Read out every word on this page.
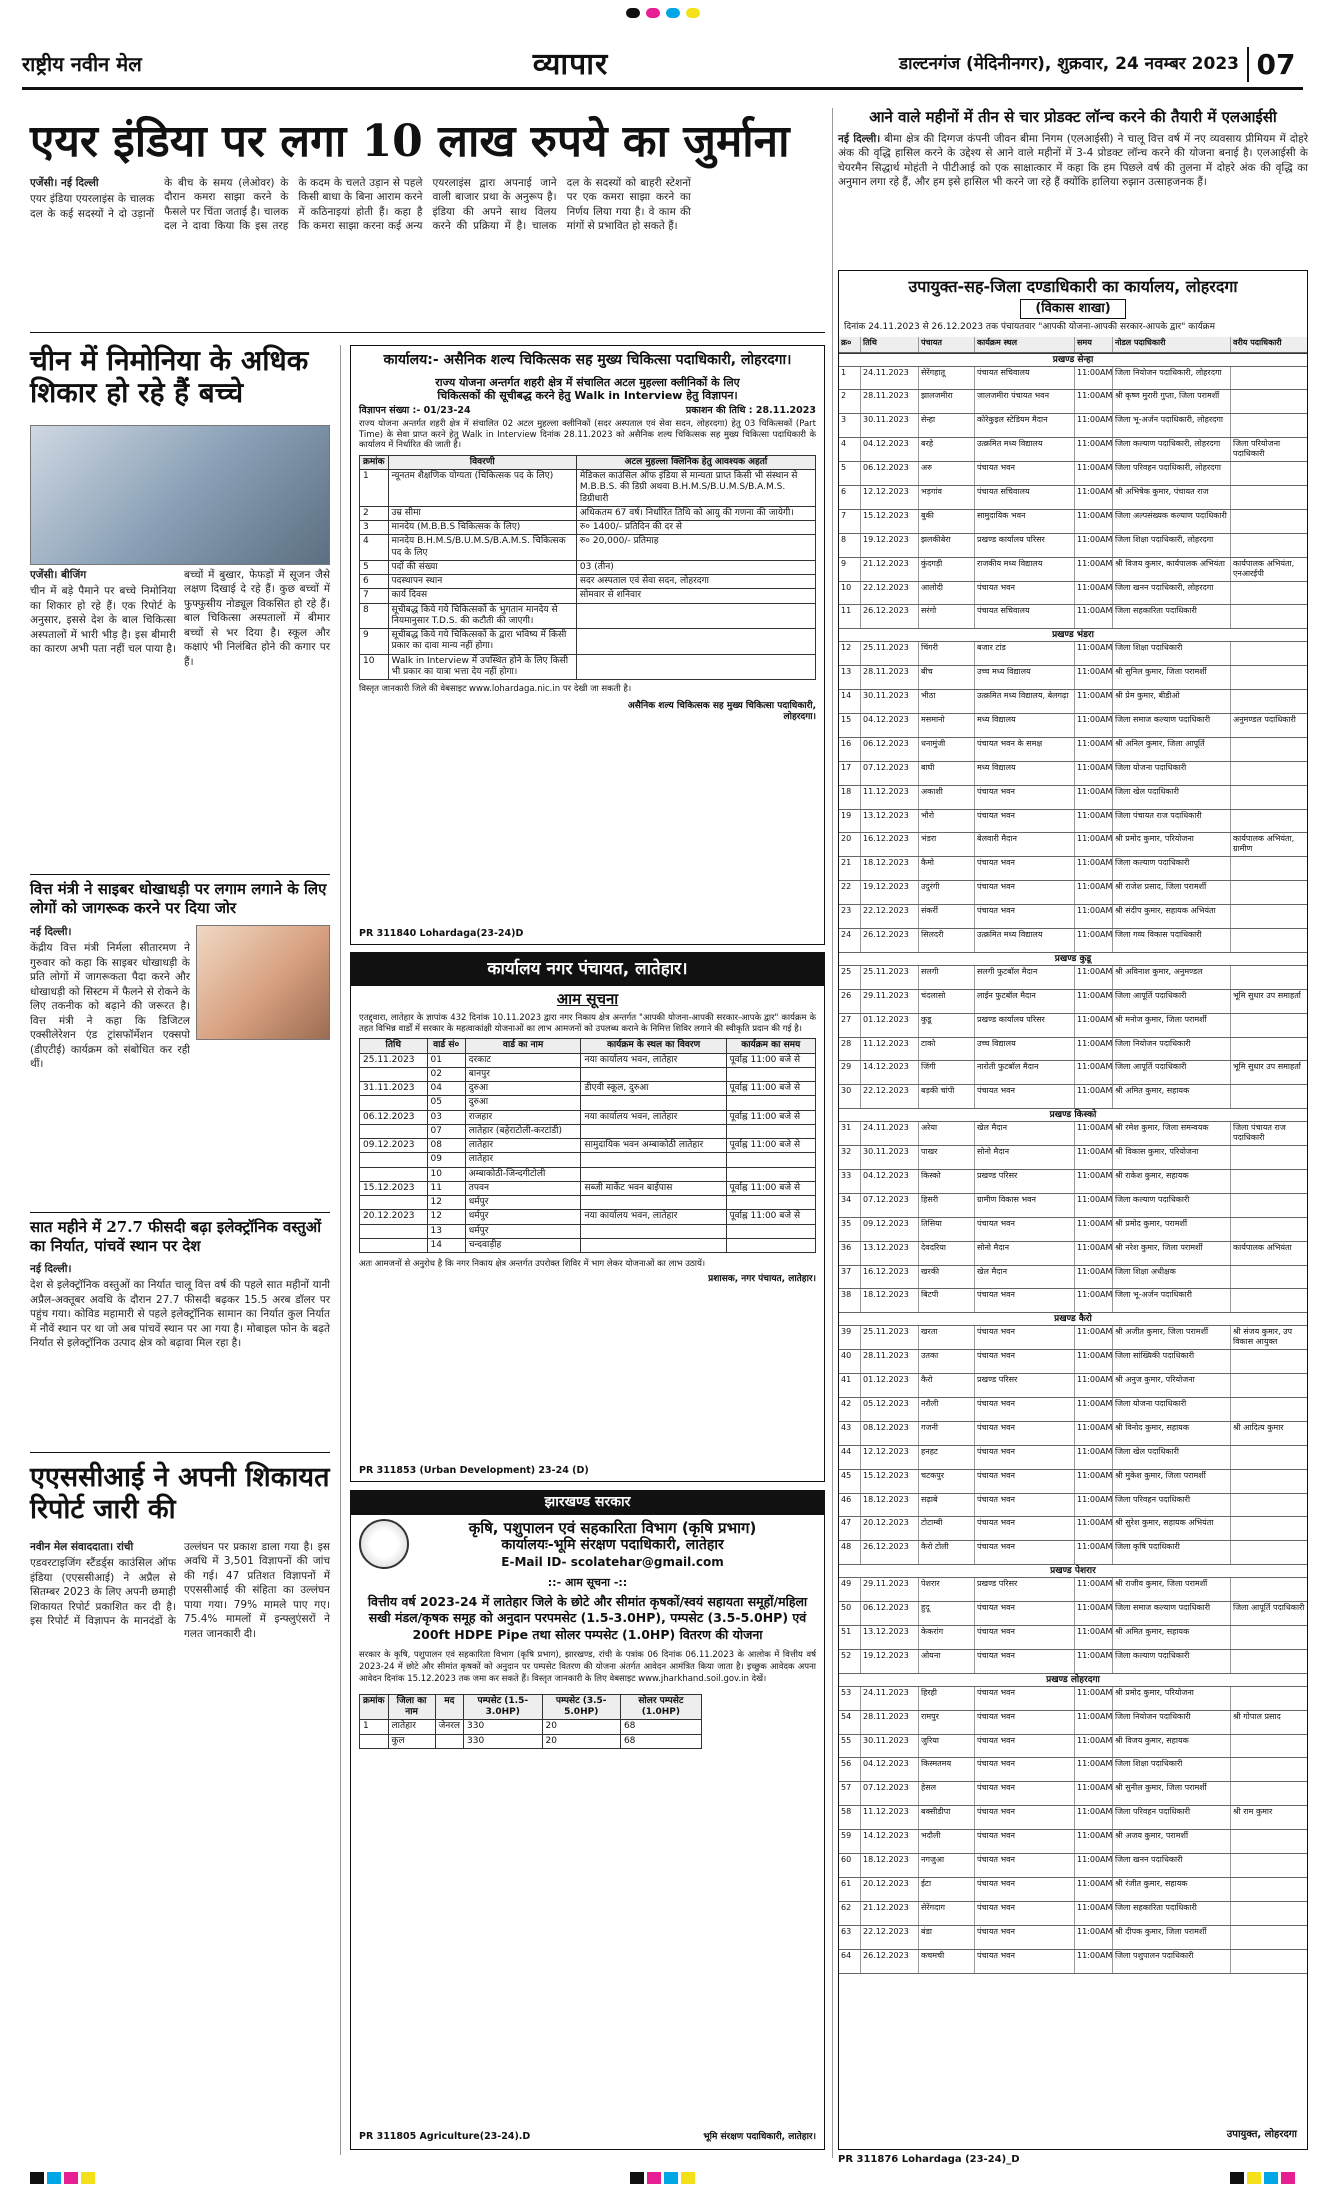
राष्ट्रीय नवीन मेल	व्यापार	डाल्टनगंज (मेदिनीनगर), शुक्रवार, 24 नवम्बर 2023 07
एयर इंडिया पर लगा 10 लाख रुपये का जुर्माना
एजेंसी। नई दिल्ली
एयर इंडिया एयरलाइंस के चालक दल के कई सदस्यों ने दो उड़ानों के बीच के समय (लेओवर) के दौरान कमरा साझा करने के फैसले पर चिंता जताई है। चालक दल ने दावा किया कि इस तरह के कदम के चलते उड़ान से पहले किसी बाधा के बिना आराम करने में कठिनाइयां होती हैं। कहा है कि कमरा साझा करना कई अन्य एयरलाइंस द्वारा अपनाई जाने वाली बाजार प्रथा के अनुरूप है। इंडिया की अपने साथ विलय करने की प्रक्रिया में है। चालक दल के सदस्यों को बाहरी स्टेशनों पर एक कमरा साझा करने का निर्णय लिया गया है। वे काम की मांगों से प्रभावित हो सकते हैं।
चीन में निमोनिया के अधिक शिकार हो रहे हैं बच्चे
एजेंसी। बीजिंग
चीन में बड़े पैमाने पर बच्चे निमोनिया का शिकार हो रहे हैं। एक रिपोर्ट के अनुसार, इससे देश के बाल चिकित्सा अस्पतालों में भारी भीड़ है। इस बीमारी का कारण अभी पता नहीं चल पाया है। बच्चों में बुखार, फेफड़ों में सूजन जैसे लक्षण दिखाई दे रहे हैं। कुछ बच्चों में फुफ्फुसीय नोड्यूल विकसित हो रहे हैं। बाल चिकित्सा अस्पतालों में बीमार बच्चों से भर दिया है। स्कूल और कक्षाएं भी निलंबित होने की कगार पर हैं।
वित्त मंत्री ने साइबर धोखाधड़ी पर लगाम लगाने के लिए लोगों को जागरूक करने पर दिया जोर
नई दिल्ली।
केंद्रीय वित्त मंत्री निर्मला सीतारमण ने गुरुवार को कहा कि साइबर धोखाधड़ी के प्रति लोगों में जागरूकता पैदा करने और धोखाधड़ी को सिस्टम में फैलने से रोकने के लिए तकनीक को बढ़ाने की जरूरत है। वित्त मंत्री ने कहा कि डिजिटल एक्सीलेरेशन एंड ट्रांसफॉर्मेशन एक्सपो (डीएटीई) कार्यक्रम को संबोधित कर रही थीं।
सात महीने में 27.7 फीसदी बढ़ा इलेक्ट्रॉनिक वस्तुओं का निर्यात, पांचवें स्थान पर देश
नई दिल्ली।
देश से इलेक्ट्रॉनिक वस्तुओं का निर्यात चालू वित्त वर्ष की पहले सात महीनों यानी अप्रैल-अक्तूबर अवधि के दौरान 27.7 फीसदी बढ़कर 15.5 अरब डॉलर पर पहुंच गया। कोविड महामारी से पहले इलेक्ट्रॉनिक सामान का निर्यात कुल निर्यात में नौवें स्थान पर था जो अब पांचवें स्थान पर आ गया है। मोबाइल फोन के बढ़ते निर्यात से इलेक्ट्रॉनिक उत्पाद क्षेत्र को बढ़ावा मिल रहा है।
एएससीआई ने अपनी शिकायत रिपोर्ट जारी की
नवीन मेल संवाददाता। रांची
एडवरटाइजिंग स्टैंडर्ड्स काउंसिल ऑफ इंडिया (एएससीआई) ने अप्रैल से सितम्बर 2023 के लिए अपनी छमाही शिकायत रिपोर्ट प्रकाशित कर दी है। इस रिपोर्ट में विज्ञापन के मानदंडों के उल्लंघन पर प्रकाश डाला गया है। इस अवधि में 3,501 विज्ञापनों की जांच की गई। 47 प्रतिशत विज्ञापनों में एएससीआई की संहिता का उल्लंघन पाया गया। 79% मामले पाए गए। 75.4% मामलों में इन्फ्लुएंसरों ने गलत जानकारी दी।
कार्यालय:- असैनिक शल्य चिकित्सक सह मुख्य चिकित्सा पदाधिकारी, लोहरदगा।
राज्य योजना अन्तर्गत शहरी क्षेत्र में संचालित अटल मुहल्ला क्लीनिकों के लिए
चिकित्सकों की सूचीबद्ध करने हेतु Walk in Interview हेतु विज्ञापन।
विज्ञापन संख्या :- 01/23-24	प्रकाशन की तिथि : 28.11.2023
राज्य योजना अन्तर्गत शहरी क्षेत्र में संचालित 02 अटल मुहल्ला क्लीनिकों (सदर अस्पताल एवं सेवा सदन, लोहरदगा) हेतु 03 चिकित्सकों (Part Time) के सेवा प्राप्त करने हेतु Walk in Interview दिनांक 28.11.2023 को असैनिक शल्य चिकित्सक सह मुख्य चिकित्सा पदाधिकारी के कार्यालय में निर्धारित की जाती है।
क्रमांक	विवरणी	अटल मुहल्ला क्लिनिक हेतु आवश्यक अहर्ता
1	न्यूनतम शैक्षणिक योग्यता (चिकित्सक पद के लिए)	मेडिकल काउंसिल ऑफ इंडिया से मान्यता प्राप्त किसी भी संस्थान से M.B.B.S. की डिग्री अथवा B.H.M.S/B.U.M.S/B.A.M.S. डिग्रीधारी
2	उम्र सीमा	अधिकतम 67 वर्ष। निर्धारित तिथि को आयु की गणना की जायेगी।
3	मानदेय (M.B.B.S चिकित्सक के लिए)	रु० 1400/- प्रतिदिन की दर से
4	मानदेय B.H.M.S/B.U.M.S/B.A.M.S. चिकित्सक पद के लिए	रु० 20,000/- प्रतिमाह
5	पदों की संख्या	03 (तीन)
6	पदस्थापन स्थान	सदर अस्पताल एवं सेवा सदन, लोहरदगा
7	कार्य दिवस	सोमवार से शनिवार
8	सूचीबद्ध किये गये चिकित्सकों के भुगतान मानदेय से नियमानुसार T.D.S. की कटौती की जाएगी।	
9	सूचीबद्ध किये गये चिकित्सकों के द्वारा भविष्य में किसी प्रकार का दावा मान्य नहीं होगा।	
10	Walk in Interview में उपस्थित होने के लिए किसी भी प्रकार का यात्रा भत्ता देय नहीं होगा।	
विस्तृत जानकारी जिले की वेबसाइट www.lohardaga.nic.in पर देखी जा सकती है।
असैनिक शल्य चिकित्सक सह मुख्य चिकित्सा पदाधिकारी, लोहरदगा।
PR 311840 Lohardaga(23-24)D
कार्यालय नगर पंचायत, लातेहार।
आम सूचना
एतद्द्वारा, लातेहार के ज्ञापांक 432 दिनांक 10.11.2023 द्वारा नगर निकाय क्षेत्र अन्तर्गत "आपकी योजना-आपकी सरकार-आपके द्वार" कार्यक्रम के तहत विभिन्न वार्डों में सरकार के महत्वाकांक्षी योजनाओं का लाभ आमजनों को उपलब्ध कराने के निमित्त शिविर लगाने की स्वीकृति प्रदान की गई है।
तिथि	वार्ड सं०	वार्ड का नाम	कार्यक्रम के स्थल का विवरण	कार्यक्रम का समय
25.11.2023	01	दरकाट	नया कार्यालय भवन, लातेहार	पूर्वाह्न 11:00 बजे से
	02	बानपुर		
31.11.2023	04	दुरुआ	डीएवी स्कूल, दुरुआ	पूर्वाह्न 11:00 बजे से
	05	दुरुआ		
06.12.2023	03	राजहार	नया कार्यालय भवन, लातेहार	पूर्वाह्न 11:00 बजे से
	07	लातेहार (बहेराटोली-करटांडी)		
09.12.2023	08	लातेहार	सामुदायिक भवन अम्बाकोठी लातेहार	पूर्वाह्न 11:00 बजे से
	09	लातेहार		
	10	अम्बाकोठी-जिन्दगीटोली		
15.12.2023	11	तपवन	सब्जी मार्केट भवन बाईपास	पूर्वाह्न 11:00 बजे से
	12	धर्मपुर		
20.12.2023	12	धर्मपुर	नया कार्यालय भवन, लातेहार	पूर्वाह्न 11:00 बजे से
	13	धर्मपुर		
	14	चन्दवाड़ीह		
अतः आमजनों से अनुरोध है कि नगर निकाय क्षेत्र अन्तर्गत उपरोक्त शिविर में भाग लेकर योजनाओं का लाभ उठायें।
प्रशासक, नगर पंचायत, लातेहार।
PR 311853 (Urban Development) 23-24 (D)
झारखण्ड सरकार
कृषि, पशुपालन एवं सहकारिता विभाग (कृषि प्रभाग)
कार्यालयः-भूमि संरक्षण पदाधिकारी, लातेहार
E-Mail ID- scolatehar@gmail.com
::- आम सूचना -::
वित्तीय वर्ष 2023-24 में लातेहार जिले के छोटे और सीमांत कृषकों/स्वयं सहायता समूहों/महिला सखी मंडल/कृषक समूह को अनुदान परपमसेट (1.5-3.0HP), पम्पसेट (3.5-5.0HP) एवं 200ft HDPE Pipe तथा सोलर पम्पसेट (1.0HP) वितरण की योजना
सरकार के कृषि, पशुपालन एवं सहकारिता विभाग (कृषि प्रभाग), झारखण्ड, रांची के पत्रांक 06 दिनांक 06.11.2023 के आलोक में वित्तीय वर्ष 2023-24 में छोटे और सीमांत कृषकों को अनुदान पर पम्पसेट वितरण की योजना अंतर्गत आवेदन आमंत्रित किया जाता है। इच्छुक आवेदक अपना आवेदन दिनांक 15.12.2023 तक जमा कर सकते हैं। विस्तृत जानकारी के लिए वेबसाइट www.jharkhand.soil.gov.in देखें।
क्रमांक	जिला का नाम	मद	पम्पसेट (1.5-3.0HP)	पम्पसेट (3.5-5.0HP)	सोलर पम्पसेट (1.0HP)
1	लातेहार	जेनरल	330	20	68
	कुल		330	20	68
भूमि संरक्षण पदाधिकारी, लातेहार।
PR 311805 Agriculture(23-24).D
आने वाले महीनों में तीन से चार प्रोडक्ट लॉन्च करने की तैयारी में एलआईसी
नई दिल्ली। बीमा क्षेत्र की दिग्गज कंपनी जीवन बीमा निगम (एलआईसी) ने चालू वित्त वर्ष में नए व्यवसाय प्रीमियम में दोहरे अंक की वृद्धि हासिल करने के उद्देश्य से आने वाले महीनों में 3-4 प्रोडक्ट लॉन्च करने की योजना बनाई है। एलआईसी के चेयरमैन सिद्धार्थ मोहंती ने पीटीआई को एक साक्षात्कार में कहा कि हम पिछले वर्ष की तुलना में दोहरे अंक की वृद्धि का अनुमान लगा रहे हैं, और हम इसे हासिल भी करने जा रहे हैं क्योंकि हालिया रुझान उत्साहजनक हैं।
उपायुक्त-सह-जिला दण्डाधिकारी का कार्यालय, लोहरदगा
(विकास शाखा)
दिनांक 24.11.2023 से 26.12.2023 तक पंचायतवार "आपकी योजना-आपकी सरकार-आपके द्वार" कार्यक्रम
क्र०	तिथि	पंचायत	कार्यक्रम स्थल	समय	नोडल पदाधिकारी	वरीय पदाधिकारी
प्रखण्ड सेन्हा
1	24.11.2023	सेरेंगहातू	पंचायत सचिवालय	11:00AM जिला नियोजन पदाधिकारी, लोहरदगा
2	28.11.2023	झालजमीरा	जालजमीरा पंचायत भवन	11:00AM श्री कृष्ण मुरारी गुप्ता, जिला परामर्शी
3	30.11.2023	सेन्हा	कोरेकुइल स्टेडियम मैदान	11:00AM जिला भू-अर्जन पदाधिकारी, लोहरदगा
4	04.12.2023	बरहे	उत्क्रमित मध्य विद्यालय	11:00AM जिला कल्याण पदाधिकारी, लोहरदगा	जिला परियोजना पदाधिकारी
5	06.12.2023	अरु	पंचायत भवन	11:00AM जिला परिवहन पदाधिकारी, लोहरदगा
6	12.12.2023	भड़गांव	पंचायत सचिवालय	11:00AM श्री अभिषेक कुमार, पंचायत राज
7	15.12.2023	बुकी	सामुदायिक भवन	11:00AM जिला अल्पसंख्यक कल्याण पदाधिकारी
8	19.12.2023	झलकीबेरा	प्रखण्ड कार्यालय परिसर	11:00AM जिला शिक्षा पदाधिकारी, लोहरदगा
9	21.12.2023	कुंदगड़ी	राजकीय मध्य विद्यालय	11:00AM श्री विजय कुमार, कार्यपालक अभियंता	कार्यपालक अभियंता, एनआरईपी
10	22.12.2023	आलोदी	पंचायत भवन	11:00AM जिला खनन पदाधिकारी, लोहरदगा
11	26.12.2023	सरंगो	पंचायत सचिवालय	11:00AM जिला सहकारिता पदाधिकारी
प्रखण्ड भंडरा
12	25.11.2023	चिंगरी	बजार टांड	11:00AM जिला शिक्षा पदाधिकारी
13	28.11.2023	बीच	उच्च मध्य विद्यालय	11:00AM श्री सुनिल कुमार, जिला परामर्शी
14	30.11.2023	भीठा	उत्क्रमित मध्य विद्यालय, बेलगढ़ा	11:00AM श्री प्रेम कुमार, बीडीओ
15	04.12.2023	मसमानो	मध्य विद्यालय	11:00AM जिला समाज कल्याण पदाधिकारी	अनुमण्डल पदाधिकारी
16	06.12.2023	धनामुंजी	पंचायत भवन के समक्ष	11:00AM श्री अनिल कुमार, जिला आपूर्ति
17	07.12.2023	बाघी	मध्य विद्यालय	11:00AM जिला योजना पदाधिकारी
18	11.12.2023	अकाशी	पंचायत भवन	11:00AM जिला खेल पदाधिकारी
19	13.12.2023	भौरो	पंचायत भवन	11:00AM जिला पंचायत राज पदाधिकारी
20	16.12.2023	भंडरा	बेलवारी मैदान	11:00AM श्री प्रमोद कुमार, परियोजना	कार्यपालक अभियंता, ग्रामीण
21	18.12.2023	कैमो	पंचायत भवन	11:00AM जिला कल्याण पदाधिकारी
22	19.12.2023	उदुरंगी	पंचायत भवन	11:00AM श्री राजेश प्रसाद, जिला परामर्शी
23	22.12.2023	संकर्री	पंचायत भवन	11:00AM श्री संदीप कुमार, सहायक अभियंता
24	26.12.2023	सिलदरी	उत्क्रमित मध्य विद्यालय	11:00AM जिला गव्य विकास पदाधिकारी
प्रखण्ड कुडू
25	25.11.2023	सलगी	सलगी फुटबॉल मैदान	11:00AM श्री अविनाश कुमार, अनुमण्डल
26	29.11.2023	चंदलासो	लाईन फुटबॉल मैदान	11:00AM जिला आपूर्ति पदाधिकारी	भूमि सुधार उप समाहर्ता
27	01.12.2023	कुडू	प्रखण्ड कार्यालय परिसर	11:00AM श्री मनोज कुमार, जिला परामर्शी
28	11.12.2023	टाको	उच्च विद्यालय	11:00AM जिला नियोजन पदाधिकारी
29	14.12.2023	जिंगी	नारोती फुटबॉल मैदान	11:00AM जिला आपूर्ति पदाधिकारी	भूमि सुधार उप समाहर्ता
30	22.12.2023	बड़की चांपी	पंचायत भवन	11:00AM श्री अमित कुमार, सहायक
प्रखण्ड किस्को
31	24.11.2023	अरेया	खेल मैदान	11:00AM श्री रमेश कुमार, जिला समन्वयक	जिला पंचायत राज पदाधिकारी
32	30.11.2023	पाखर	सोनो मैदान	11:00AM श्री विकास कुमार, परियोजना
33	04.12.2023	किस्को	प्रखण्ड परिसर	11:00AM श्री राकेश कुमार, सहायक
34	07.12.2023	हिसरी	ग्रामीण विकास भवन	11:00AM जिला कल्याण पदाधिकारी
35	09.12.2023	तिसिया	पंचायत भवन	11:00AM श्री प्रमोद कुमार, परामर्शी
36	13.12.2023	देवदरिया	सोनो मैदान	11:00AM श्री नरेश कुमार, जिला परामर्शी	कार्यपालक अभियंता
37	16.12.2023	खरकी	खेल मैदान	11:00AM जिला शिक्षा अधीक्षक
38	18.12.2023	बिटपी	पंचायत भवन	11:00AM जिला भू-अर्जन पदाधिकारी
प्रखण्ड कैरो
39	25.11.2023	खरता	पंचायत भवन	11:00AM श्री अजीत कुमार, जिला परामर्शी	श्री संजय कुमार, उप विकास आयुक्त
40	28.11.2023	उतका	पंचायत भवन	11:00AM जिला सांख्यिकी पदाधिकारी
41	01.12.2023	कैरो	प्रखण्ड परिसर	11:00AM श्री अनुज कुमार, परियोजना
42	05.12.2023	नरौली	पंचायत भवन	11:00AM जिला योजना पदाधिकारी
43	08.12.2023	गजनी	पंचायत भवन	11:00AM श्री विनोद कुमार, सहायक	श्री आदित्य कुमार
44	12.12.2023	हनहट	पंचायत भवन	11:00AM जिला खेल पदाधिकारी
45	15.12.2023	चटकपुर	पंचायत भवन	11:00AM श्री मुकेश कुमार, जिला परामर्शी
46	18.12.2023	सढ़ाबे	पंचायत भवन	11:00AM जिला परिवहन पदाधिकारी
47	20.12.2023	टोटाम्बी	पंचायत भवन	11:00AM श्री सुरेश कुमार, सहायक अभियंता
48	26.12.2023	कैरो टोली	पंचायत भवन	11:00AM जिला कृषि पदाधिकारी
प्रखण्ड पेशरार
49	29.11.2023	पेशरार	प्रखण्ड परिसर	11:00AM श्री राजीव कुमार, जिला परामर्शी
50	06.12.2023	हुदू	पंचायत भवन	11:00AM जिला समाज कल्याण पदाधिकारी	जिला आपूर्ति पदाधिकारी
51	13.12.2023	केकरांग	पंचायत भवन	11:00AM श्री अमित कुमार, सहायक
52	19.12.2023	ओयना	पंचायत भवन	11:00AM जिला कल्याण पदाधिकारी
प्रखण्ड लोहरदगा
53	24.11.2023	हिरही	पंचायत भवन	11:00AM श्री प्रमोद कुमार, परियोजना
54	28.11.2023	रामपुर	पंचायत भवन	11:00AM जिला नियोजन पदाधिकारी	श्री गोपाल प्रसाद
55	30.11.2023	जुरिया	पंचायत भवन	11:00AM श्री विजय कुमार, सहायक
56	04.12.2023	किस्मतमय	पंचायत भवन	11:00AM जिला शिक्षा पदाधिकारी
57	07.12.2023	हेसल	पंचायत भवन	11:00AM श्री सुनील कुमार, जिला परामर्शी
58	11.12.2023	बक्सीडीपा	पंचायत भवन	11:00AM जिला परिवहन पदाधिकारी	श्री राम कुमार
59	14.12.2023	भदौली	पंचायत भवन	11:00AM श्री अजय कुमार, परामर्शी
60	18.12.2023	नगजुआ	पंचायत भवन	11:00AM जिला खनन पदाधिकारी
61	20.12.2023	ईटा	पंचायत भवन	11:00AM श्री रंजीत कुमार, सहायक
62	21.12.2023	सेरेंगदाग	पंचायत भवन	11:00AM जिला सहकारिता पदाधिकारी
63	22.12.2023	बंडा	पंचायत भवन	11:00AM श्री दीपक कुमार, जिला परामर्शी
64	26.12.2023	कचमची	पंचायत भवन	11:00AM जिला पशुपालन पदाधिकारी
उपायुक्त, लोहरदगा
PR 311876 Lohardaga (23-24)_D
